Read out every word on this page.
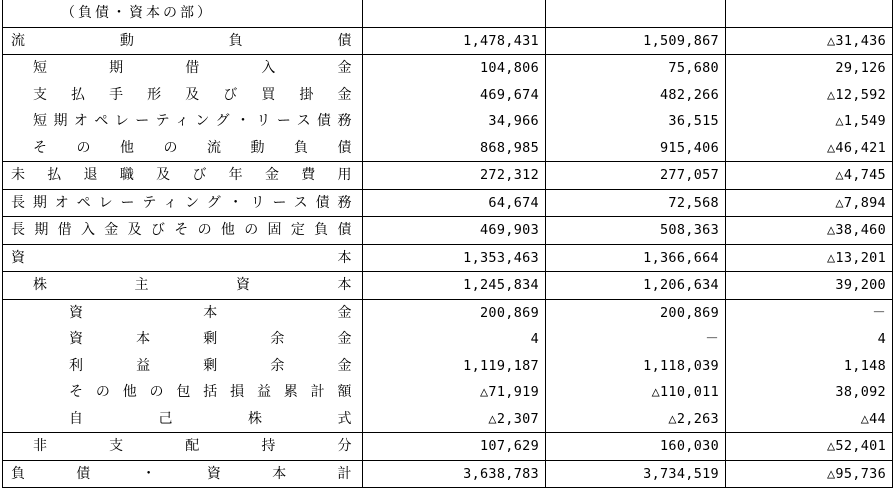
（負債・資本の部）			

流動負債	1,478,431	1,509,867	△31,436

短期借入金	104,806	75,680	29,126

支払手形及び買掛金	469,674	482,266	△12,592

短期オペレーティング・リース債務	34,966	36,515	△1,549

その他の流動負債	868,985	915,406	△46,421

未払退職及び年金費用	272,312	277,057	△4,745

長期オペレーティング・リース債務	64,674	72,568	△7,894

長期借入金及びその他の固定負債	469,903	508,363	△38,460

資本	1,353,463	1,366,664	△13,201

株主資本	1,245,834	1,206,634	39,200

資本金	200,869	200,869	－

資本剰余金	4	－	4

利益剰余金	1,119,187	1,118,039	1,148

その他の包括損益累計額	△71,919	△110,011	38,092

自己株式	△2,307	△2,263	△44

非支配持分	107,629	160,030	△52,401

負債・資本計	3,638,783	3,734,519	△95,736
